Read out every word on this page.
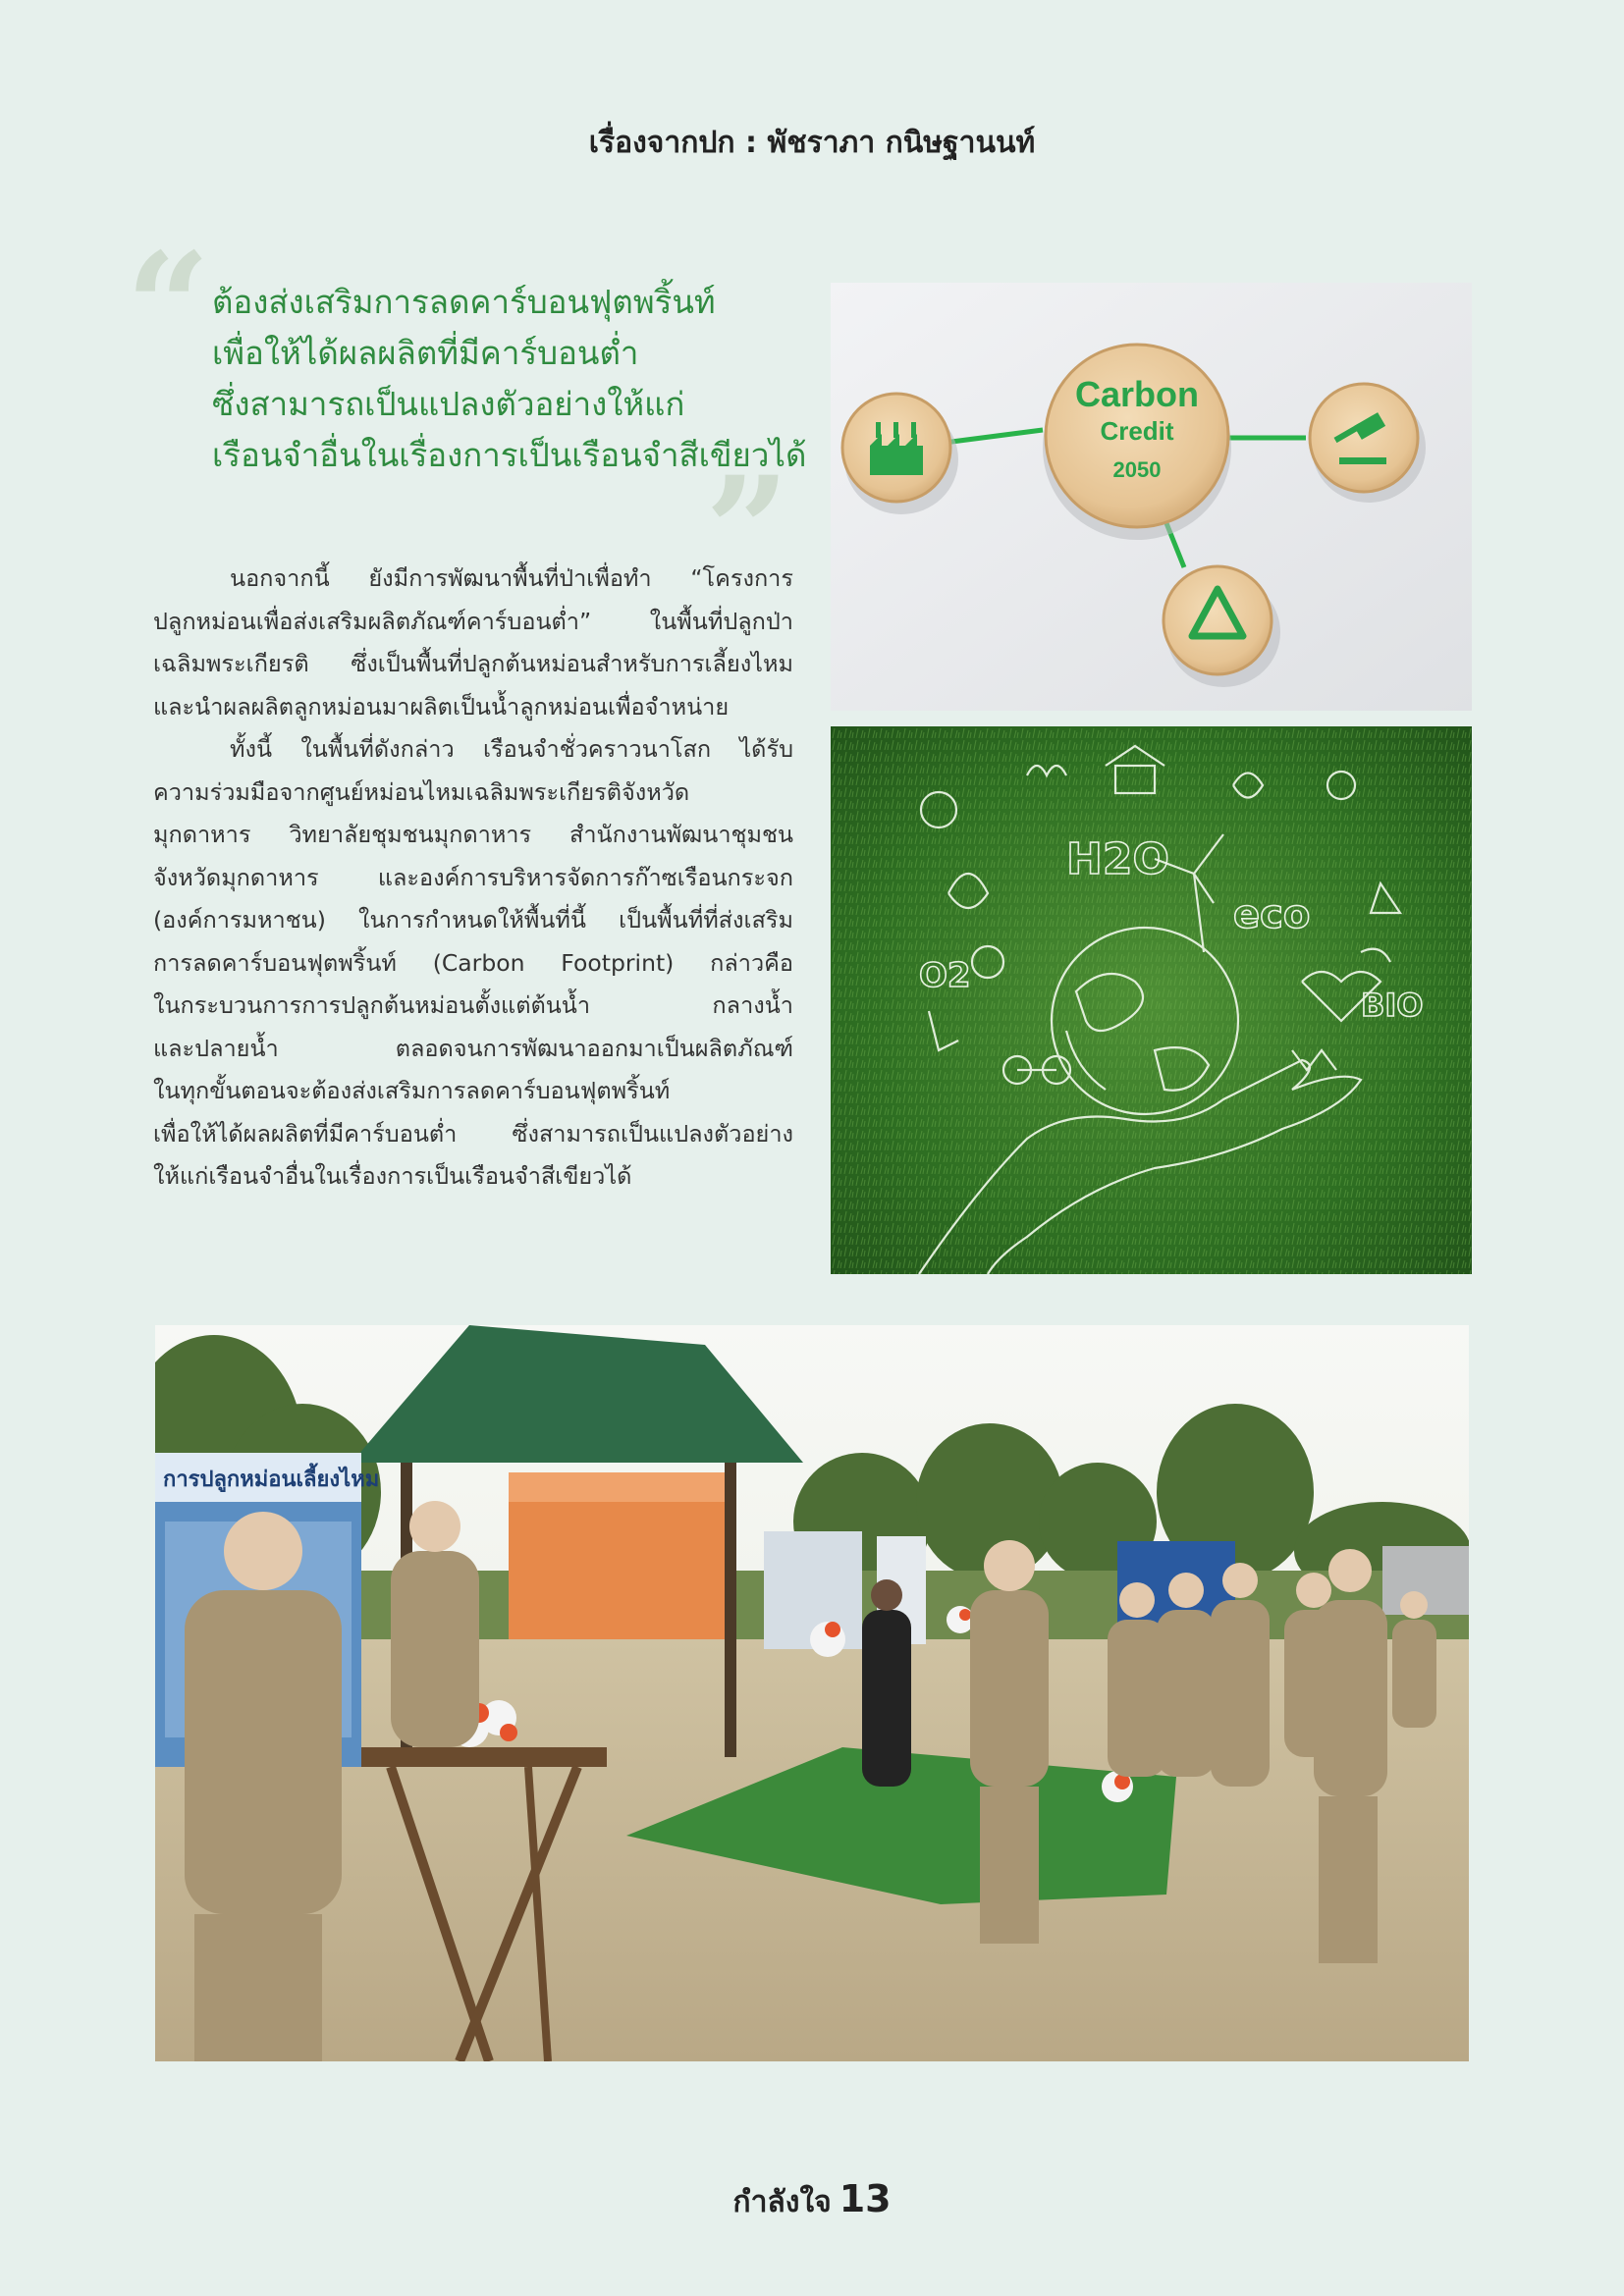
เรื่องจากปก : พัชราภา กนิษฐานนท์
“ ต้องส่งเสริมการลดคาร์บอนฟุตพริ้นท์
เพื่อให้ได้ผลผลิตที่มีคาร์บอนต่ำ
ซึ่งสามารถเป็นแปลงตัวอย่างให้แก่
เรือนจำอื่นในเรื่องการเป็นเรือนจำสีเขียวได้
”
นอกจากนี้ ยังมีการพัฒนาพื้นที่ป่าเพื่อทำ “โครงการ
ปลูกหม่อนเพื่อส่งเสริมผลิตภัณฑ์คาร์บอนต่ำ” ในพื้นที่ปลูกป่า
เฉลิมพระเกียรติ ซึ่งเป็นพื้นที่ปลูกต้นหม่อนสำหรับการเลี้ยงไหม
และนำผลผลิตลูกหม่อนมาผลิตเป็นน้ำลูกหม่อนเพื่อจำหน่าย
ทั้งนี้ ในพื้นที่ดังกล่าว เรือนจำชั่วคราวนาโสก ได้รับ
ความร่วมมือจากศูนย์หม่อนไหมเฉลิมพระเกียรติจังหวัด
มุกดาหาร วิทยาลัยชุมชนมุกดาหาร สำนักงานพัฒนาชุมชน
จังหวัดมุกดาหาร และองค์การบริหารจัดการก๊าซเรือนกระจก
(องค์การมหาชน) ในการกำหนดให้พื้นที่นี้ เป็นพื้นที่ที่ส่งเสริม
การลดคาร์บอนฟุตพริ้นท์ (Carbon Footprint) กล่าวคือ
ในกระบวนการการปลูกต้นหม่อนตั้งแต่ต้นน้ำ กลางน้ำ
และปลายน้ำ ตลอดจนการพัฒนาออกมาเป็นผลิตภัณฑ์
ในทุกขั้นตอนจะต้องส่งเสริมการลดคาร์บอนฟุตพริ้นท์
เพื่อให้ได้ผลผลิตที่มีคาร์บอนต่ำ ซึ่งสามารถเป็นแปลงตัวอย่าง
ให้แก่เรือนจำอื่นในเรื่องการเป็นเรือนจำสีเขียวได้
Carbon
Credit
2050
H2O
eco
O2
BIO
การปลูกหม่อนเลี้ยงไหม
กำลังใจ 13
